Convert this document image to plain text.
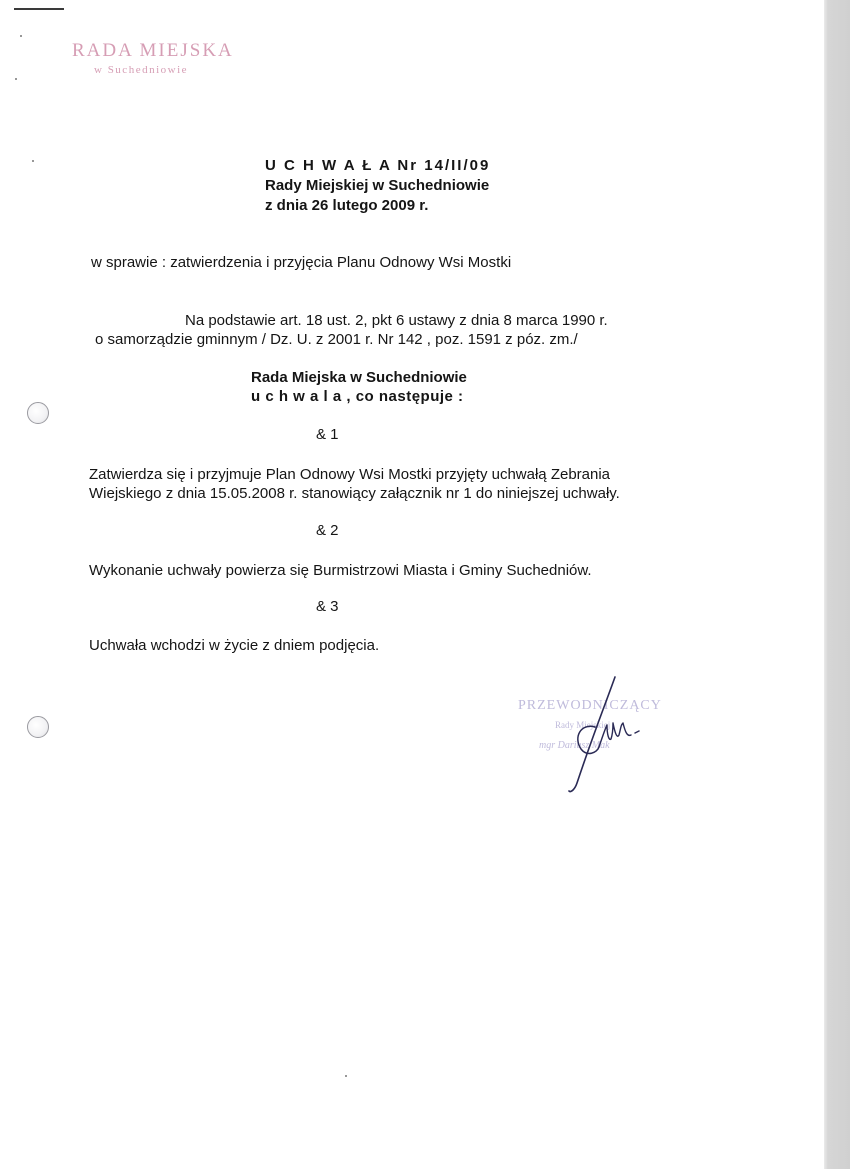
RADA MIEJSKA
w Suchedniowie
U C H W A Ł A Nr 14/II/09
Rady Miejskiej w Suchedniowie
z dnia 26 lutego 2009 r.
w sprawie : zatwierdzenia i przyjęcia Planu Odnowy Wsi Mostki
Na podstawie art. 18 ust. 2, pkt 6 ustawy z dnia 8 marca 1990 r.
o samorządzie gminnym / Dz. U. z 2001 r. Nr 142 , poz. 1591 z póz. zm./
Rada Miejska w Suchedniowie
u c h w a l a , co następuje :
& 1
Zatwierdza się i przyjmuje Plan Odnowy Wsi Mostki przyjęty uchwałą Zebrania
Wiejskiego z dnia 15.05.2008 r. stanowiący załącznik nr 1 do niniejszej uchwały.
& 2
Wykonanie uchwały powierza się Burmistrzowi Miasta i Gminy Suchedniów.
& 3
Uchwała wchodzi w życie z dniem podjęcia.
PRZEWODNICZĄCY
Rady Miejskiej
mgr Dariusz Mak
